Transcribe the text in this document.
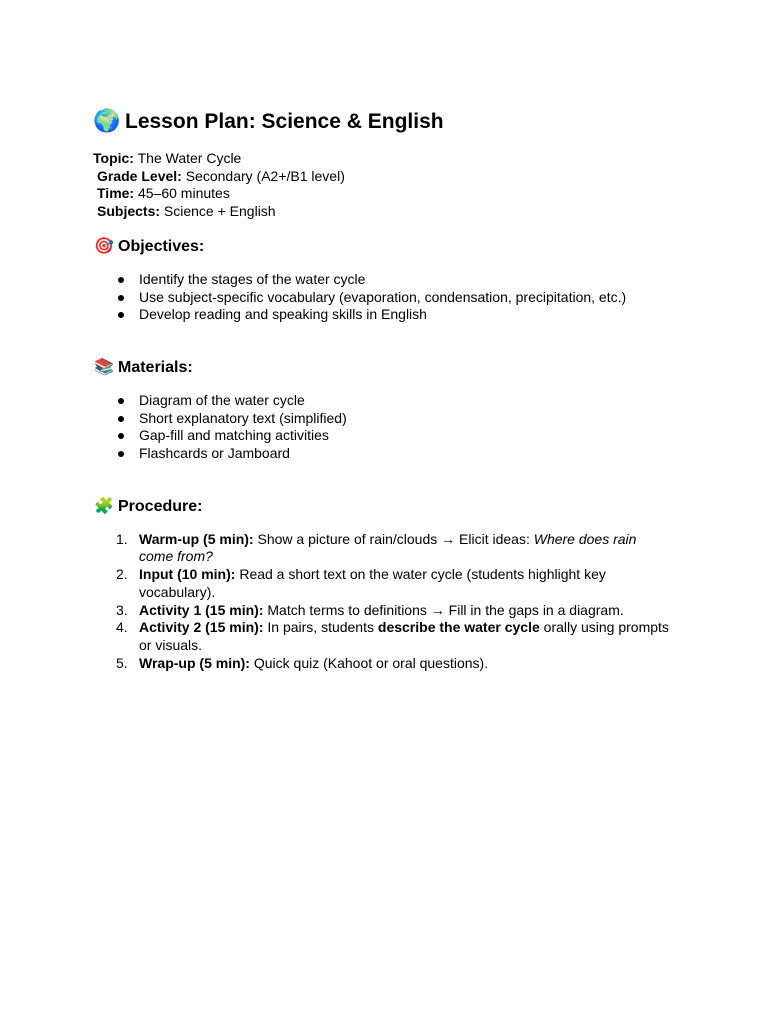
🌍 Lesson Plan: Science & English
Topic: The Water Cycle
Grade Level: Secondary (A2+/B1 level)
Time: 45–60 minutes
Subjects: Science + English
🎯 Objectives:
Identify the stages of the water cycle
Use subject-specific vocabulary (evaporation, condensation, precipitation, etc.)
Develop reading and speaking skills in English
📚 Materials:
Diagram of the water cycle
Short explanatory text (simplified)
Gap-fill and matching activities
Flashcards or Jamboard
🧩 Procedure:
1. Warm-up (5 min): Show a picture of rain/clouds → Elicit ideas: Where does rain come from?
2. Input (10 min): Read a short text on the water cycle (students highlight key vocabulary).
3. Activity 1 (15 min): Match terms to definitions → Fill in the gaps in a diagram.
4. Activity 2 (15 min): In pairs, students describe the water cycle orally using prompts or visuals.
5. Wrap-up (5 min): Quick quiz (Kahoot or oral questions).
